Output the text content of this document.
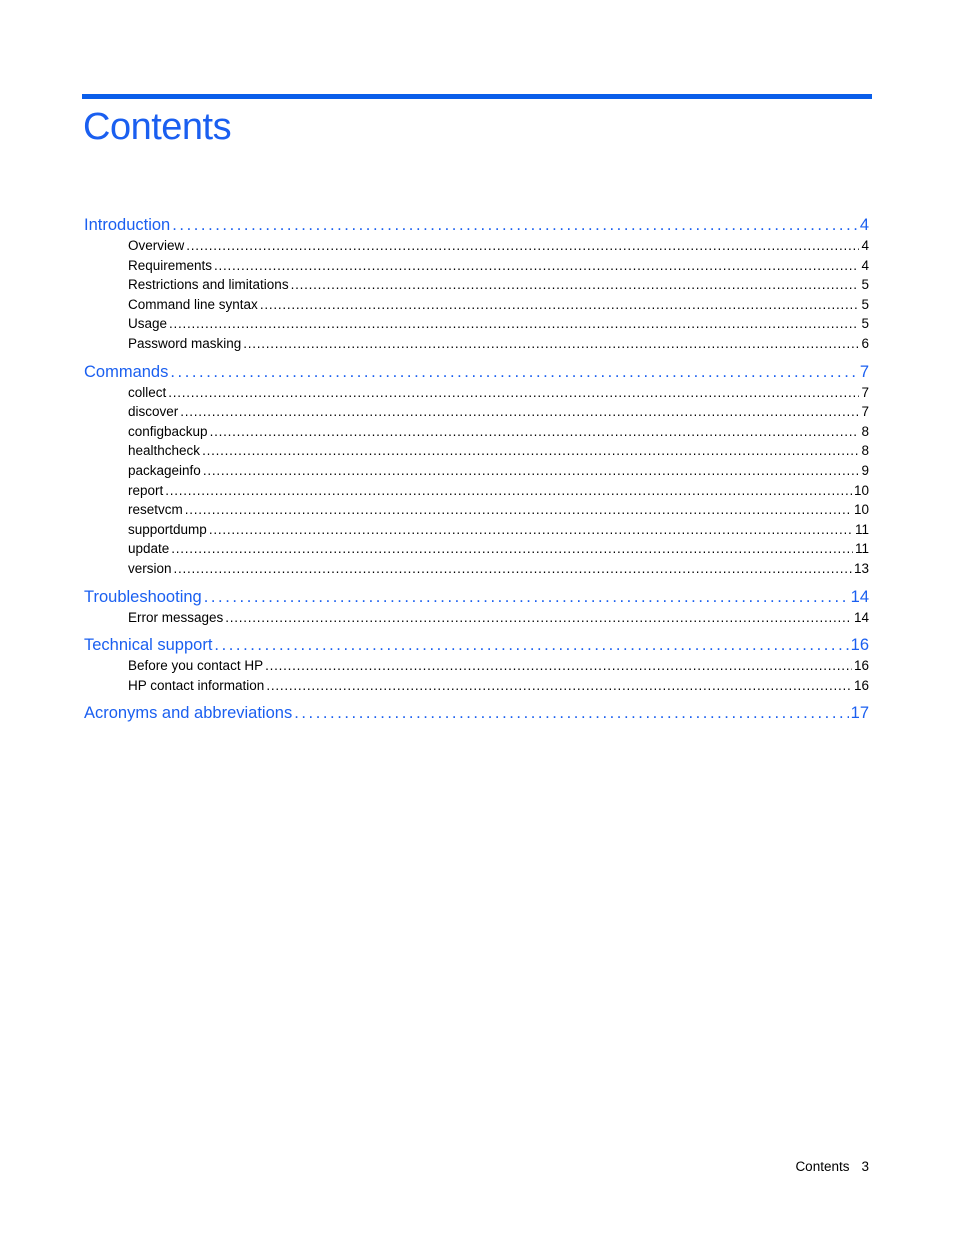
Contents
Introduction . . .	4
Overview . . .	4
Requirements . . .	4
Restrictions and limitations . . .	5
Command line syntax . . .	5
Usage . . .	5
Password masking . . .	6
Commands . . .	7
collect . . .	7
discover . . .	7
configbackup . . .	8
healthcheck . . .	8
packageinfo . . .	9
report . . .	10
resetvcm . . .	10
supportdump . . .	11
update . . .	11
version . . .	13
Troubleshooting . . .	14
Error messages . . .	14
Technical support . . .	16
Before you contact HP . . .	16
HP contact information . . .	16
Acronyms and abbreviations . . .	17
Contents 3
